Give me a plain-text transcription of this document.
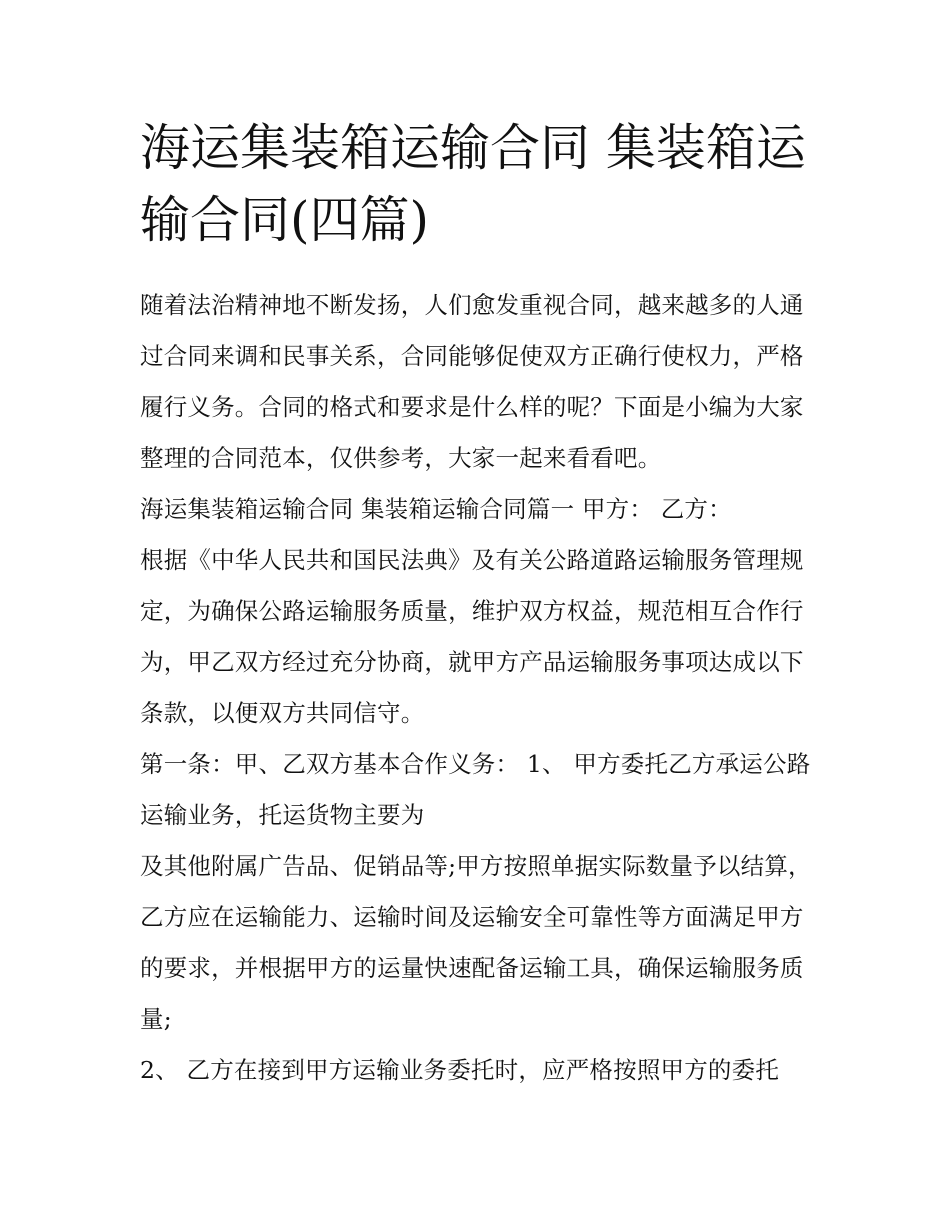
海运集装箱运输合同 集装箱运输合同(四篇)

随着法治精神地不断发扬，人们愈发重视合同，越来越多的人通过合同来调和民事关系，合同能够促使双方正确行使权力，严格履行义务。合同的格式和要求是什么样的呢？下面是小编为大家整理的合同范本，仅供参考，大家一起来看看吧。

海运集装箱运输合同 集装箱运输合同篇一 甲方： 乙方：

根据《中华人民共和国民法典》及有关公路道路运输服务管理规定，为确保公路运输服务质量，维护双方权益，规范相互合作行为，甲乙双方经过充分协商，就甲方产品运输服务事项达成以下条款，以便双方共同信守。

第一条：甲、乙双方基本合作义务： 1、 甲方委托乙方承运公路运输业务，托运货物主要为

及其他附属广告品、促销品等;甲方按照单据实际数量予以结算，乙方应在运输能力、运输时间及运输安全可靠性等方面满足甲方的要求，并根据甲方的运量快速配备运输工具，确保运输服务质量;

2、 乙方在接到甲方运输业务委托时，应严格按照甲方的委托
